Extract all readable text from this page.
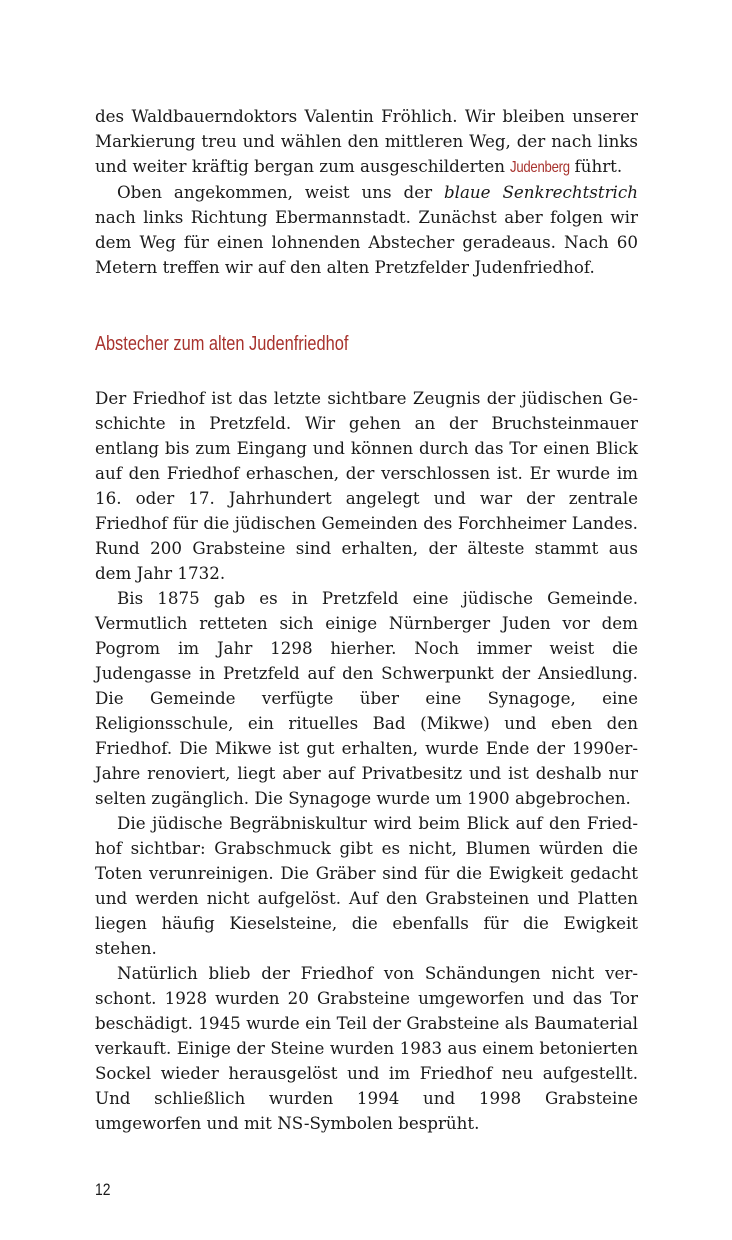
des Waldbauerndoktors Valentin Fröhlich. Wir bleiben unserer Markierung treu und wählen den mittleren Weg, der nach links und weiter kräftig bergan zum ausgeschilderten Judenberg führt.

Oben angekommen, weist uns der blaue Senkrechtstrich nach links Richtung Ebermannstadt. Zunächst aber folgen wir dem Weg für einen lohnenden Abstecher geradeaus. Nach 60 Metern treffen wir auf den alten Pretzfelder Judenfriedhof.

Abstecher zum alten Judenfriedhof

Der Friedhof ist das letzte sichtbare Zeugnis der jüdischen Geschichte in Pretzfeld. Wir gehen an der Bruchsteinmauer entlang bis zum Eingang und können durch das Tor einen Blick auf den Friedhof erhaschen, der verschlossen ist. Er wurde im 16. oder 17. Jahrhundert angelegt und war der zentrale Friedhof für die jüdischen Gemeinden des Forchheimer Landes. Rund 200 Grabsteine sind erhalten, der älteste stammt aus dem Jahr 1732.

Bis 1875 gab es in Pretzfeld eine jüdische Gemeinde. Vermutlich retteten sich einige Nürnberger Juden vor dem Pogrom im Jahr 1298 hierher. Noch immer weist die Judengasse in Pretzfeld auf den Schwerpunkt der Ansiedlung. Die Gemeinde verfügte über eine Synagoge, eine Religionsschule, ein rituelles Bad (Mikwe) und eben den Friedhof. Die Mikwe ist gut erhalten, wurde Ende der 1990er-Jahre renoviert, liegt aber auf Privatbesitz und ist deshalb nur selten zugänglich. Die Synagoge wurde um 1900 abgebrochen.

Die jüdische Begräbniskultur wird beim Blick auf den Friedhof sichtbar: Grabschmuck gibt es nicht, Blumen würden die Toten verunreinigen. Die Gräber sind für die Ewigkeit gedacht und werden nicht aufgelöst. Auf den Grabsteinen und Platten liegen häufig Kieselsteine, die ebenfalls für die Ewigkeit stehen.

Natürlich blieb der Friedhof von Schändungen nicht verschont. 1928 wurden 20 Grabsteine umgeworfen und das Tor beschädigt. 1945 wurde ein Teil der Grabsteine als Baumaterial verkauft. Einige der Steine wurden 1983 aus einem betonierten Sockel wieder herausgelöst und im Friedhof neu aufgestellt. Und schließlich wurden 1994 und 1998 Grabsteine umgeworfen und mit NS-Symbolen besprüht.

12
